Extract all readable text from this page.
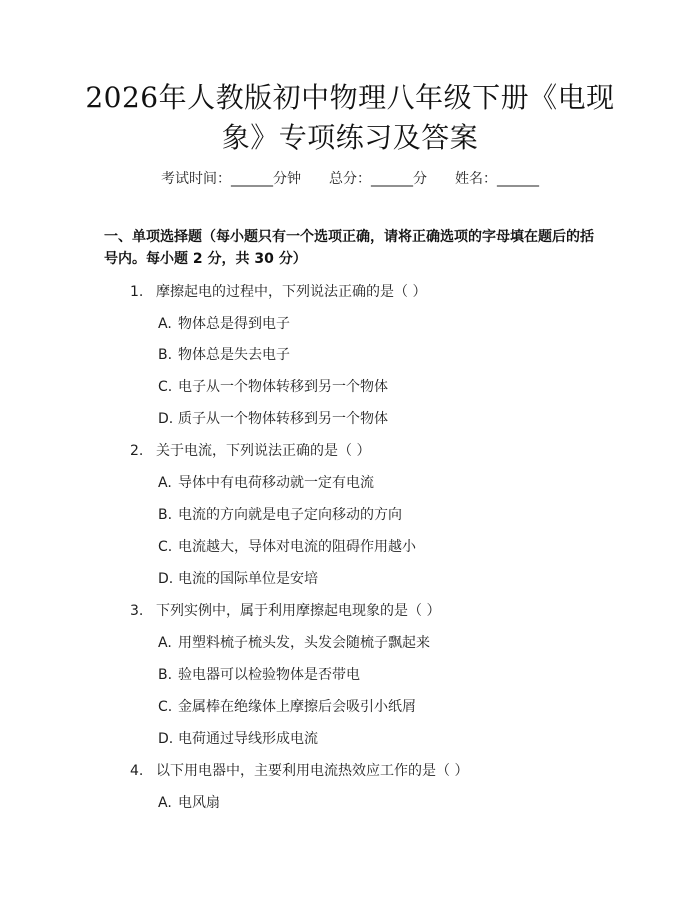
2026年人教版初中物理八年级下册《电现
象》专项练习及答案
考试时间：______分钟 总分：______分 姓名：______
一、单项选择题（每小题只有一个选项正确，请将正确选项的字母填在题后的括
号内。每小题 2 分，共 30 分）
1. 摩擦起电的过程中，下列说法正确的是（ ）
A. 物体总是得到电子
B. 物体总是失去电子
C. 电子从一个物体转移到另一个物体
D. 质子从一个物体转移到另一个物体
2. 关于电流，下列说法正确的是（ ）
A. 导体中有电荷移动就一定有电流
B. 电流的方向就是电子定向移动的方向
C. 电流越大，导体对电流的阻碍作用越小
D. 电流的国际单位是安培
3. 下列实例中，属于利用摩擦起电现象的是（ ）
A. 用塑料梳子梳头发，头发会随梳子飘起来
B. 验电器可以检验物体是否带电
C. 金属棒在绝缘体上摩擦后会吸引小纸屑
D. 电荷通过导线形成电流
4. 以下用电器中，主要利用电流热效应工作的是（ ）
A. 电风扇
